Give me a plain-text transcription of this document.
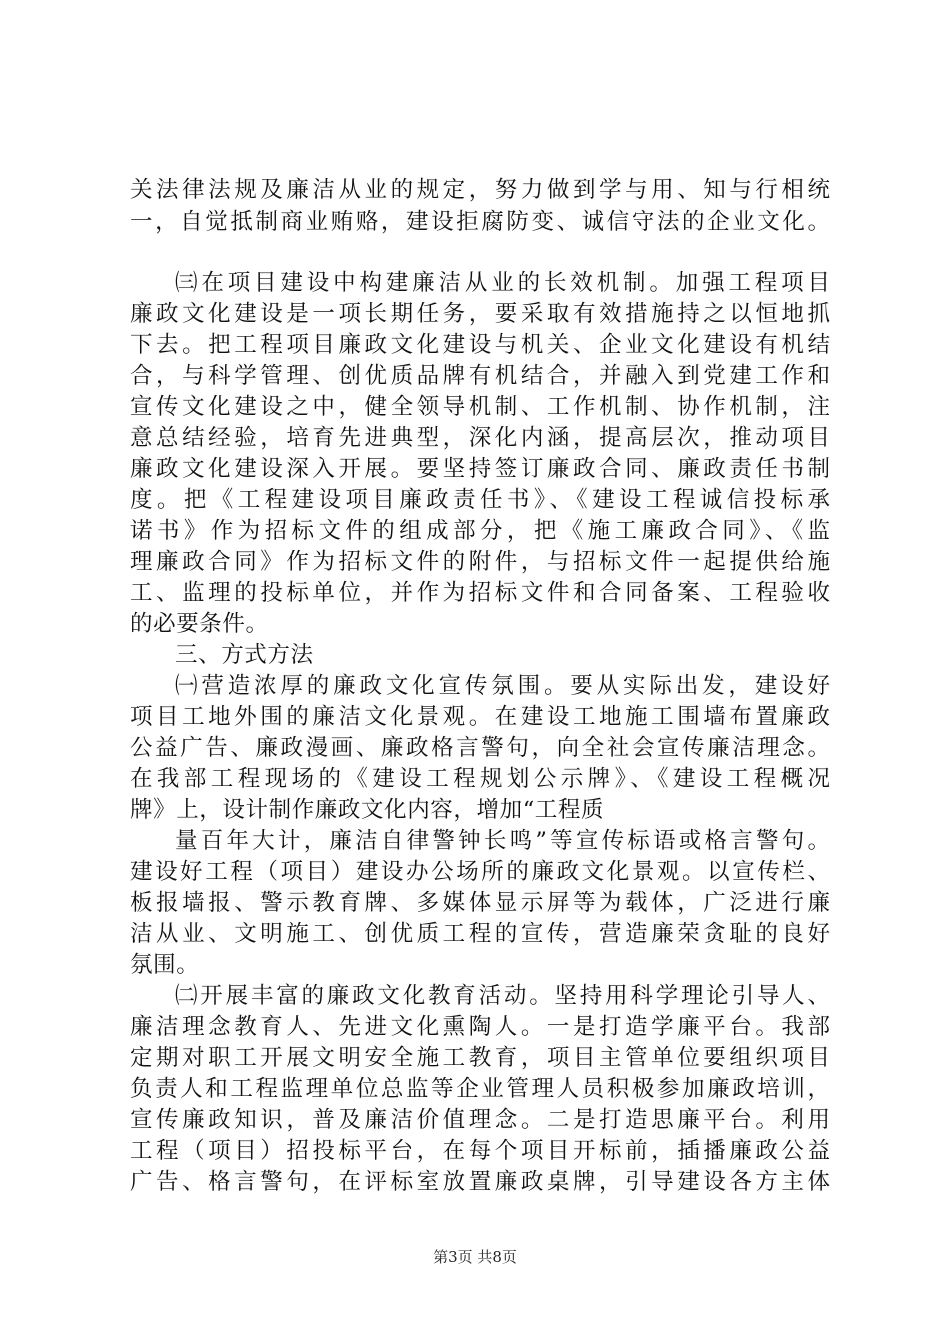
关法律法规及廉洁从业的规定，努力做到学与用、知与行相统
一，自觉抵制商业贿赂，建设拒腐防变、诚信守法的企业文化。
㈢在项目建设中构建廉洁从业的长效机制。加强工程项目
廉政文化建设是一项长期任务，要采取有效措施持之以恒地抓
下去。把工程项目廉政文化建设与机关、企业文化建设有机结
合，与科学管理、创优质品牌有机结合，并融入到党建工作和
宣传文化建设之中，健全领导机制、工作机制、协作机制，注
意总结经验，培育先进典型，深化内涵，提高层次，推动项目
廉政文化建设深入开展。要坚持签订廉政合同、廉政责任书制
度。把《工程建设项目廉政责任书》、《建设工程诚信投标承
诺书》作为招标文件的组成部分，把《施工廉政合同》、《监
理廉政合同》作为招标文件的附件，与招标文件一起提供给施
工、监理的投标单位，并作为招标文件和合同备案、工程验收
的必要条件。
三、方式方法
㈠营造浓厚的廉政文化宣传氛围。要从实际出发，建设好
项目工地外围的廉洁文化景观。在建设工地施工围墙布置廉政
公益广告、廉政漫画、廉政格言警句，向全社会宣传廉洁理念。
在我部工程现场的《建设工程规划公示牌》、《建设工程概况
牌》上，设计制作廉政文化内容，增加“工程质
量百年大计，廉洁自律警钟长鸣”等宣传标语或格言警句。
建设好工程（项目）建设办公场所的廉政文化景观。以宣传栏、
板报墙报、警示教育牌、多媒体显示屏等为载体，广泛进行廉
洁从业、文明施工、创优质工程的宣传，营造廉荣贪耻的良好
氛围。
㈡开展丰富的廉政文化教育活动。坚持用科学理论引导人、
廉洁理念教育人、先进文化熏陶人。一是打造学廉平台。我部
定期对职工开展文明安全施工教育，项目主管单位要组织项目
负责人和工程监理单位总监等企业管理人员积极参加廉政培训，
宣传廉政知识，普及廉洁价值理念。二是打造思廉平台。利用
工程（项目）招投标平台，在每个项目开标前，插播廉政公益
广告、格言警句，在评标室放置廉政桌牌，引导建设各方主体
第3页 共8页
